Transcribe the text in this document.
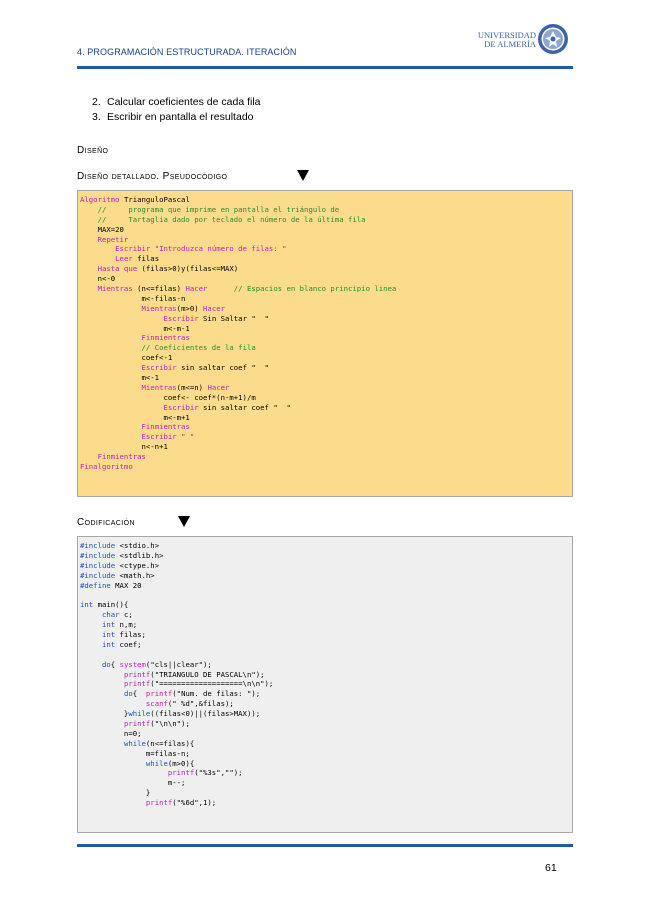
4. PROGRAMACIÓN ESTRUCTURADA. ITERACIÓN
UNIVERSIDAD
DE ALMERÍA
2. Calcular coeficientes de cada fila
3. Escribir en pantalla el resultado
Diseño
Diseño detallado. Pseudocódigo
Algoritmo TrianguloPascal
//     programa que imprime en pantalla el triángulo de
//     Tartaglia dado por teclado el número de la última fila
MAX=20
Repetir
Escribir "Introduzca número de filas: "
Leer filas
Hasta que (filas>0)y(filas<=MAX)
n<-0
Mientras (n<=filas) Hacer	// Espacios en blanco principio linea
m<-filas-n
Mientras(m>0) Hacer
Escribir Sin Saltar "  "
m<-m-1
Finmientras
// Coeficientes de la fila
coef<-1
Escribir sin saltar coef "  "
m<-1
Mientras(m<=n) Hacer
coef<- coef*(n-m+1)/m
Escribir sin saltar coef "  "
m<-m+1
Finmientras
Escribir " "
n<-n+1
Finmientras
Finalgoritmo
Codificación
#include <stdio.h>
#include <stdlib.h>
#include <ctype.h>
#include <math.h>
#define MAX 20

int main(){
char c;
int n,m;
int filas;
int coef;

do{ system("cls||clear");
printf("TRIANGULO DE PASCAL\n");
printf("===================\n\n");
do{  printf("Num. de filas: ");
scanf(" %d",&filas);
}while((filas<0)||(filas>MAX));
printf("\n\n");
n=0;
while(n<=filas){
m=filas-n;
while(m>0){
printf("%3s","");
m--;
}
printf("%6d",1);
61
